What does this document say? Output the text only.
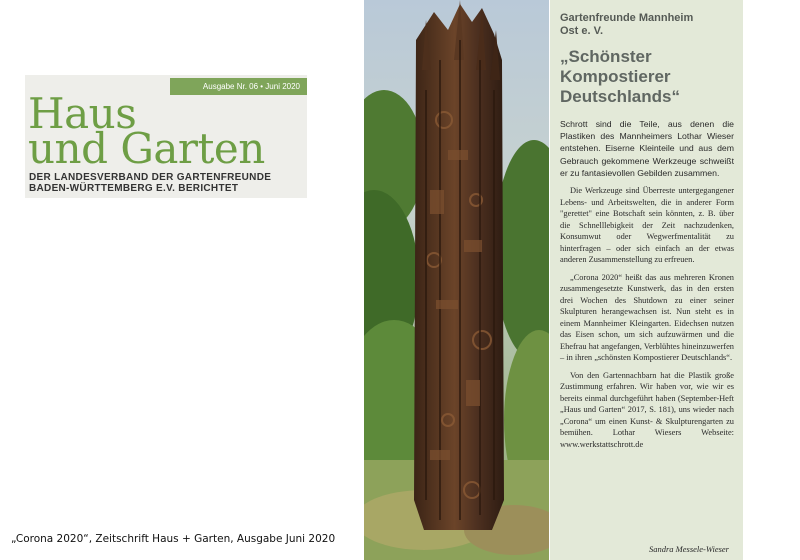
Ausgabe Nr. 06 • Juni 2020
Haus
und Garten
DER LANDESVERBAND DER GARTENFREUNDE
BADEN-WÜRTTEMBERG E.V. BERICHTET
Gartenfreunde Mannheim Ost e. V.
„Schönster Kompostierer Deutschlands“

Schrott sind die Teile, aus denen die Plastiken des Mannheimers Lothar Wieser entstehen. Eiserne Kleinteile und aus dem Gebrauch gekommene Werkzeuge schweißt er zu fantasievollen Gebilden zusammen.

Die Werkzeuge sind Überreste untergegangener Lebens- und Arbeitswelten, die in anderer Form "gerettet" eine Botschaft sein könnten, z. B. über die Schnelllebigkeit der Zeit nachzudenken, Konsumwut oder Wegwerfmentalität zu hinterfragen – oder sich einfach an der etwas anderen Zusammenstellung zu erfreuen.

„Corona 2020“ heißt das aus mehreren Kronen zusammengesetzte Kunstwerk, das in den ersten drei Wochen des Shutdown zu einer seiner Skulpturen herangewachsen ist. Nun steht es in einem Mannheimer Kleingarten. Eidechsen nutzen das Eisen schon, um sich aufzuwärmen und die Ehefrau hat angefangen, Verblühtes hineinzuwerfen – in ihren „schönsten Kompostierer Deutschlands“.

Von den Gartennachbarn hat die Plastik große Zustimmung erfahren. Wir haben vor, wie wir es bereits einmal durchgeführt haben (September-Heft „Haus und Garten“ 2017, S. 181), uns wieder nach „Corona“ um einen Kunst- & Skulpturengarten zu bemühen. Lothar Wiesers Webseite: www.werkstattschrott.de

Sandra Messele-Wieser
„Corona 2020“, Zeitschrift Haus + Garten, Ausgabe Juni 2020
